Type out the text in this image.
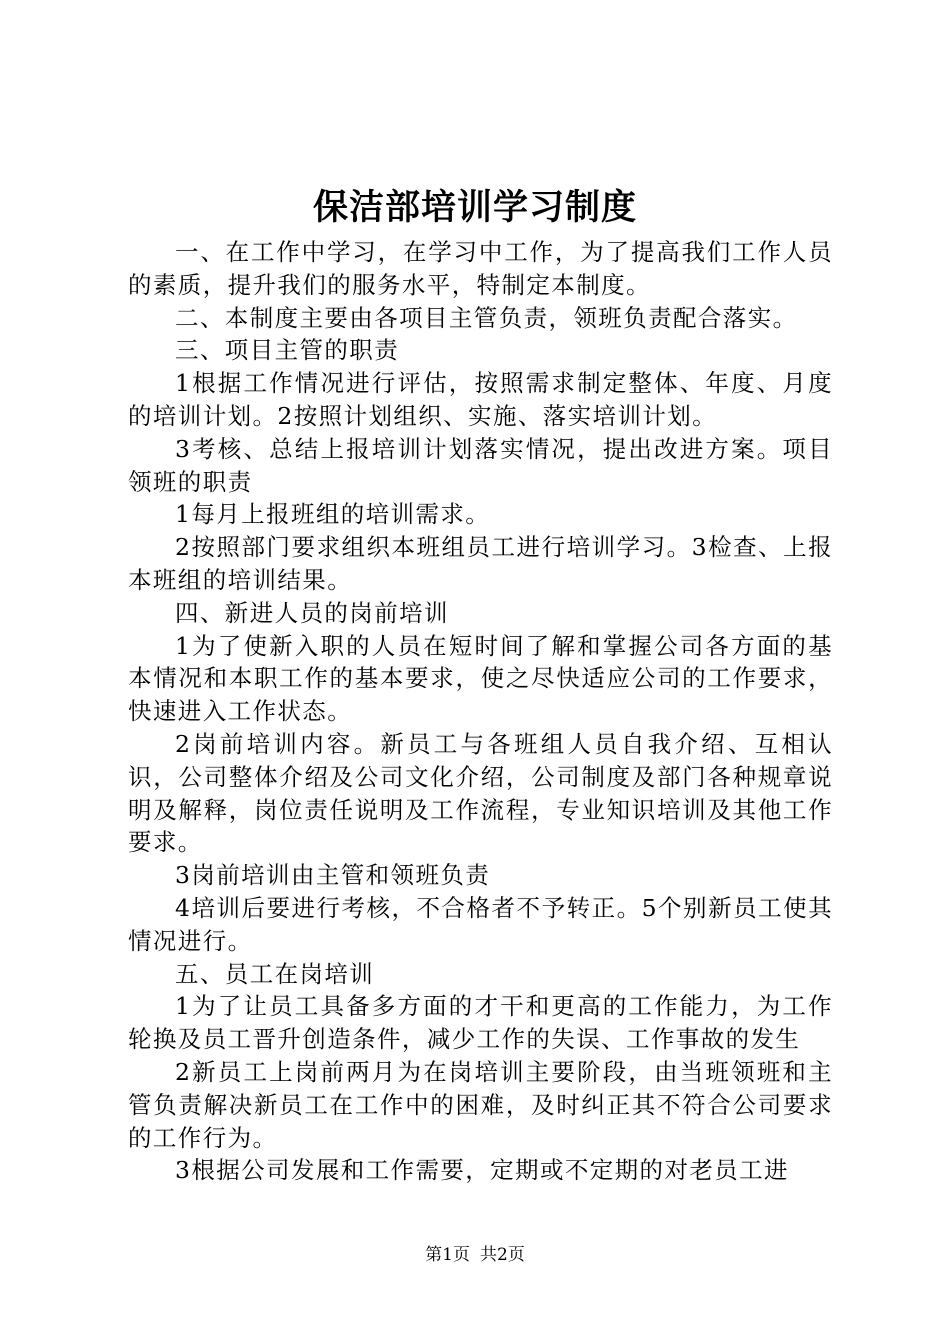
保洁部培训学习制度

一、在工作中学习，在学习中工作，为了提高我们工作人员的素质，提升我们的服务水平，特制定本制度。

二、本制度主要由各项目主管负责，领班负责配合落实。

三、项目主管的职责

1根据工作情况进行评估，按照需求制定整体、年度、月度的培训计划。2按照计划组织、实施、落实培训计划。

3考核、总结上报培训计划落实情况，提出改进方案。项目领班的职责

1每月上报班组的培训需求。

2按照部门要求组织本班组员工进行培训学习。3检查、上报本班组的培训结果。

四、新进人员的岗前培训

1为了使新入职的人员在短时间了解和掌握公司各方面的基本情况和本职工作的基本要求，使之尽快适应公司的工作要求，快速进入工作状态。

2岗前培训内容。新员工与各班组人员自我介绍、互相认识，公司整体介绍及公司文化介绍，公司制度及部门各种规章说明及解释，岗位责任说明及工作流程，专业知识培训及其他工作要求。

3岗前培训由主管和领班负责

4培训后要进行考核，不合格者不予转正。5个别新员工使其情况进行。

五、员工在岗培训

1为了让员工具备多方面的才干和更高的工作能力，为工作轮换及员工晋升创造条件，减少工作的失误、工作事故的发生

2新员工上岗前两月为在岗培训主要阶段，由当班领班和主管负责解决新员工在工作中的困难，及时纠正其不符合公司要求的工作行为。

3根据公司发展和工作需要，定期或不定期的对老员工进

第1页 共2页
